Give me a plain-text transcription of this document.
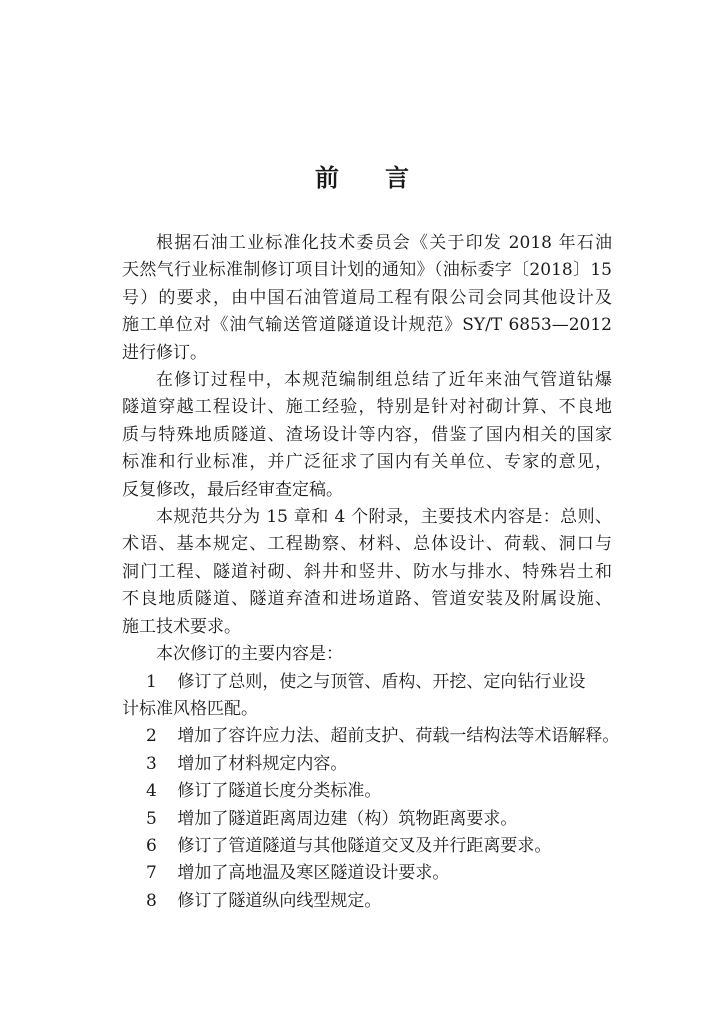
前 言
根据石油工业标准化技术委员会《关于印发 2018 年石油
天然气行业标准制修订项目计划的通知》（油标委字〔2018〕15
号）的要求，由中国石油管道局工程有限公司会同其他设计及
施工单位对《油气输送管道隧道设计规范》SY/T 6853—2012
进行修订。
在修订过程中，本规范编制组总结了近年来油气管道钻爆
隧道穿越工程设计、施工经验，特别是针对衬砌计算、不良地
质与特殊地质隧道、渣场设计等内容，借鉴了国内相关的国家
标准和行业标准，并广泛征求了国内有关单位、专家的意见，
反复修改，最后经审查定稿。
本规范共分为 15 章和 4 个附录，主要技术内容是：总则、
术语、基本规定、工程勘察、材料、总体设计、荷载、洞口与
洞门工程、隧道衬砌、斜井和竖井、防水与排水、特殊岩土和
不良地质隧道、隧道弃渣和进场道路、管道安装及附属设施、
施工技术要求。
本次修订的主要内容是：
1 修订了总则，使之与顶管、盾构、开挖、定向钻行业设
计标准风格匹配。
2 增加了容许应力法、超前支护、荷载一结构法等术语解释。
3 增加了材料规定内容。
4 修订了隧道长度分类标准。
5 增加了隧道距离周边建（构）筑物距离要求。
6 修订了管道隧道与其他隧道交叉及并行距离要求。
7 增加了高地温及寒区隧道设计要求。
8 修订了隧道纵向线型规定。
